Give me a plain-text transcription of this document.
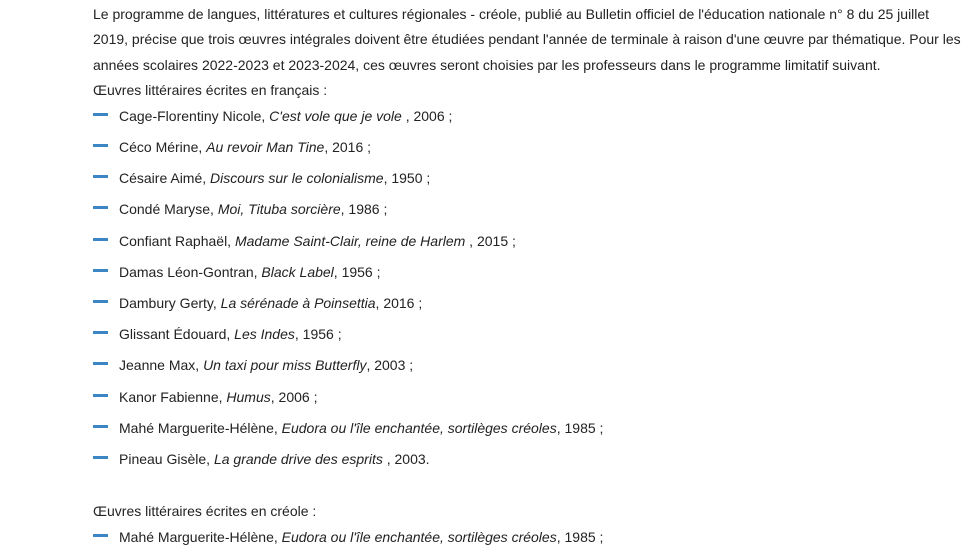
Le programme de langues, littératures et cultures régionales - créole, publié au Bulletin officiel de l'éducation nationale n° 8 du 25 juillet 2019, précise que trois œuvres intégrales doivent être étudiées pendant l'année de terminale à raison d'une œuvre par thématique. Pour les années scolaires 2022-2023 et 2023-2024, ces œuvres seront choisies par les professeurs dans le programme limitatif suivant.

Œuvres littéraires écrites en français :

Cage-Florentiny Nicole, C'est vole que je vole , 2006 ;
Céco Mérine, Au revoir Man Tine, 2016 ;
Césaire Aimé, Discours sur le colonialisme, 1950 ;
Condé Maryse, Moi, Tituba sorcière, 1986 ;
Confiant Raphaël, Madame Saint-Clair, reine de Harlem , 2015 ;
Damas Léon-Gontran, Black Label, 1956 ;
Dambury Gerty, La sérénade à Poinsettia, 2016 ;
Glissant Édouard, Les Indes, 1956 ;
Jeanne Max, Un taxi pour miss Butterfly, 2003 ;
Kanor Fabienne, Humus, 2006 ;
Mahé Marguerite-Hélène, Eudora ou l'île enchantée, sortilèges créoles, 1985 ;
Pineau Gisèle, La grande drive des esprits , 2003.

Œuvres littéraires écrites en créole :

Mahé Marguerite-Hélène, Eudora ou l'île enchantée, sortilèges créoles, 1985 ;
